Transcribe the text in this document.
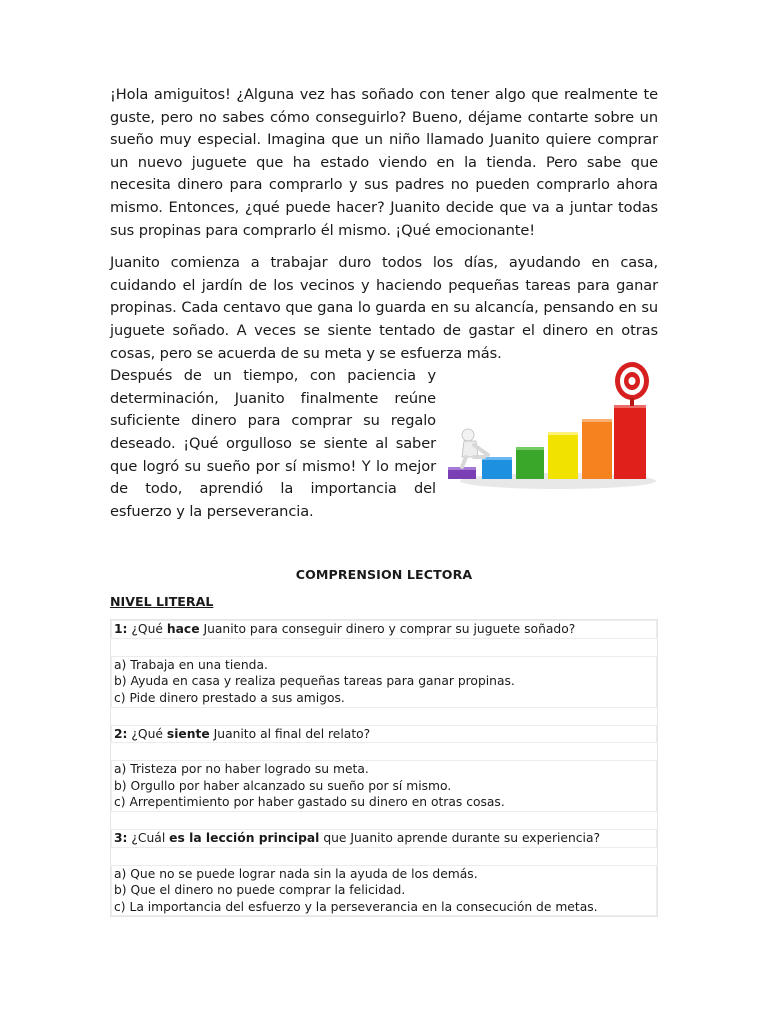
¡Hola amiguitos! ¿Alguna vez has soñado con tener algo que realmente te guste, pero no sabes cómo conseguirlo? Bueno, déjame contarte sobre un sueño muy especial. Imagina que un niño llamado Juanito quiere comprar un nuevo juguete que ha estado viendo en la tienda. Pero sabe que necesita dinero para comprarlo y sus padres no pueden comprarlo ahora mismo. Entonces, ¿qué puede hacer? Juanito decide que va a juntar todas sus propinas para comprarlo él mismo. ¡Qué emocionante!

Juanito comienza a trabajar duro todos los días, ayudando en casa, cuidando el jardín de los vecinos y haciendo pequeñas tareas para ganar propinas. Cada centavo que gana lo guarda en su alcancía, pensando en su juguete soñado. A veces se siente tentado de gastar el dinero en otras cosas, pero se acuerda de su meta y se esfuerza más.

Después de un tiempo, con paciencia y determinación, Juanito finalmente reúne suficiente dinero para comprar su regalo deseado. ¡Qué orgulloso se siente al saber que logró su sueño por sí mismo! Y lo mejor de todo, aprendió la importancia del esfuerzo y la perseverancia.

COMPRENSION LECTORA
NIVEL LITERAL
1: ¿Qué hace Juanito para conseguir dinero y comprar su juguete soñado?
a) Trabaja en una tienda.
b) Ayuda en casa y realiza pequeñas tareas para ganar propinas.
c) Pide dinero prestado a sus amigos.
2: ¿Qué siente Juanito al final del relato?
a) Tristeza por no haber logrado su meta.
b) Orgullo por haber alcanzado su sueño por sí mismo.
c) Arrepentimiento por haber gastado su dinero en otras cosas.
3: ¿Cuál es la lección principal que Juanito aprende durante su experiencia?
a) Que no se puede lograr nada sin la ayuda de los demás.
b) Que el dinero no puede comprar la felicidad.
c) La importancia del esfuerzo y la perseverancia en la consecución de metas.
